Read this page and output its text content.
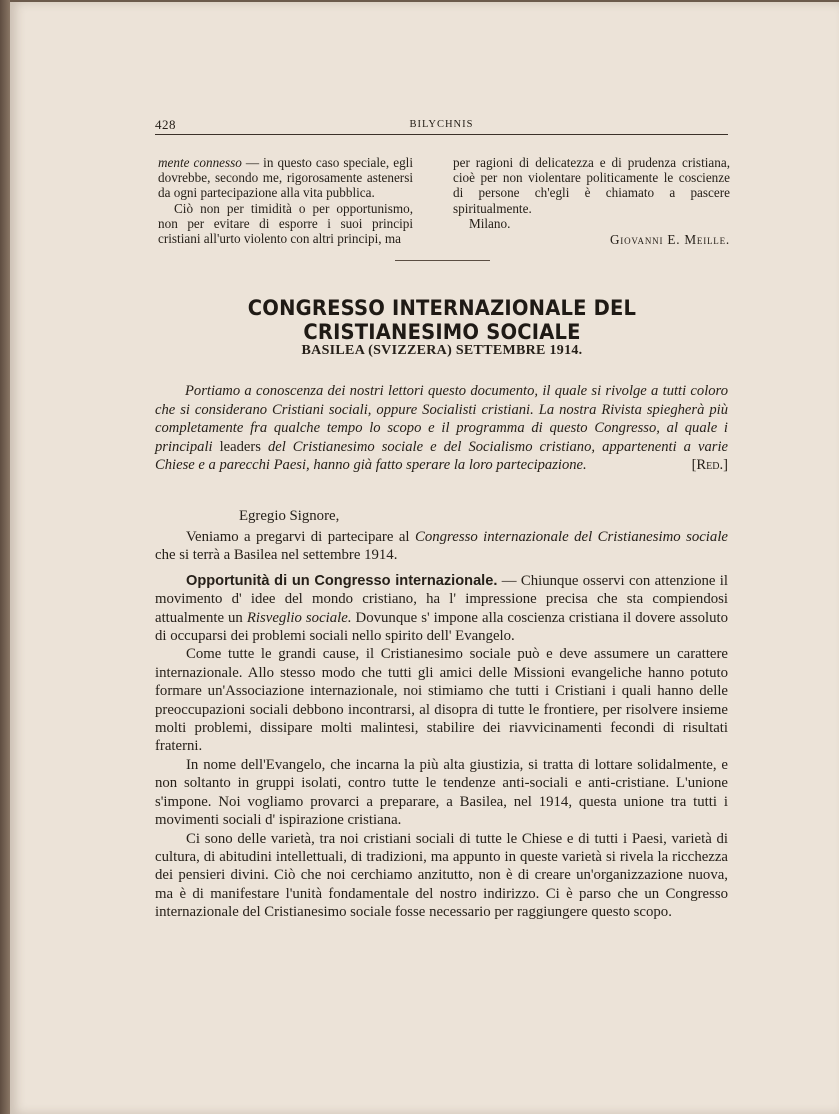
428	BILYCHNIS

mente connesso — in questo caso speciale, egli dovrebbe, secondo me, rigorosamente astenersi da ogni partecipazione alla vita pubblica.

Ciò non per timidità o per opportunismo, non per evitare di esporre i suoi principi cristiani all'urto violento con altri principi, ma

per ragioni di delicatezza e di prudenza cristiana, cioè per non violentare politicamente le coscienze di persone ch'egli è chiamato a pascere spiritualmente.

Milano.

Giovanni E. Meille.
CONGRESSO INTERNAZIONALE DEL CRISTIANESIMO SOCIALE
BASILEA (SVIZZERA) SETTEMBRE 1914.
Portiamo a conoscenza dei nostri lettori questo documento, il quale si rivolge a tutti coloro che si considerano Cristiani sociali, oppure Socialisti cristiani. La nostra Rivista spiegherà più completamente fra qualche tempo lo scopo e il programma di questo Congresso, al quale i principali leaders del Cristianesimo sociale e del Socialismo cristiano, appartenenti a varie Chiese e a parecchi Paesi, hanno già fatto sperare la loro partecipazione.	[Red.]
Egregio Signore,

Veniamo a pregarvi di partecipare al Congresso internazionale del Cristianesimo sociale che si terrà a Basilea nel settembre 1914.

Opportunità di un Congresso internazionale. — Chiunque osservi con attenzione il movimento d' idee del mondo cristiano, ha l' impressione precisa che sta compiendosi attualmente un Risveglio sociale. Dovunque s' impone alla coscienza cristiana il dovere assoluto di occuparsi dei problemi sociali nello spirito dell' Evangelo.

Come tutte le grandi cause, il Cristianesimo sociale può e deve assumere un carattere internazionale. Allo stesso modo che tutti gli amici delle Missioni evangeliche hanno potuto formare un'Associazione internazionale, noi stimiamo che tutti i Cristiani i quali hanno delle preoccupazioni sociali debbono incontrarsi, al disopra di tutte le frontiere, per risolvere insieme molti problemi, dissipare molti malintesi, stabilire dei riavvicinamenti fecondi di risultati fraterni.

In nome dell'Evangelo, che incarna la più alta giustizia, si tratta di lottare solidalmente, e non soltanto in gruppi isolati, contro tutte le tendenze anti-sociali e anti-cristiane. L'unione s'impone. Noi vogliamo provarci a preparare, a Basilea, nel 1914, questa unione tra tutti i movimenti sociali d' ispirazione cristiana.

Ci sono delle varietà, tra noi cristiani sociali di tutte le Chiese e di tutti i Paesi, varietà di cultura, di abitudini intellettuali, di tradizioni, ma appunto in queste varietà si rivela la ricchezza dei pensieri divini. Ciò che noi cerchiamo anzitutto, non è di creare un'organizzazione nuova, ma è di manifestare l'unità fondamentale del nostro indirizzo. Ci è parso che un Congresso internazionale del Cristianesimo sociale fosse necessario per raggiungere questo scopo.
